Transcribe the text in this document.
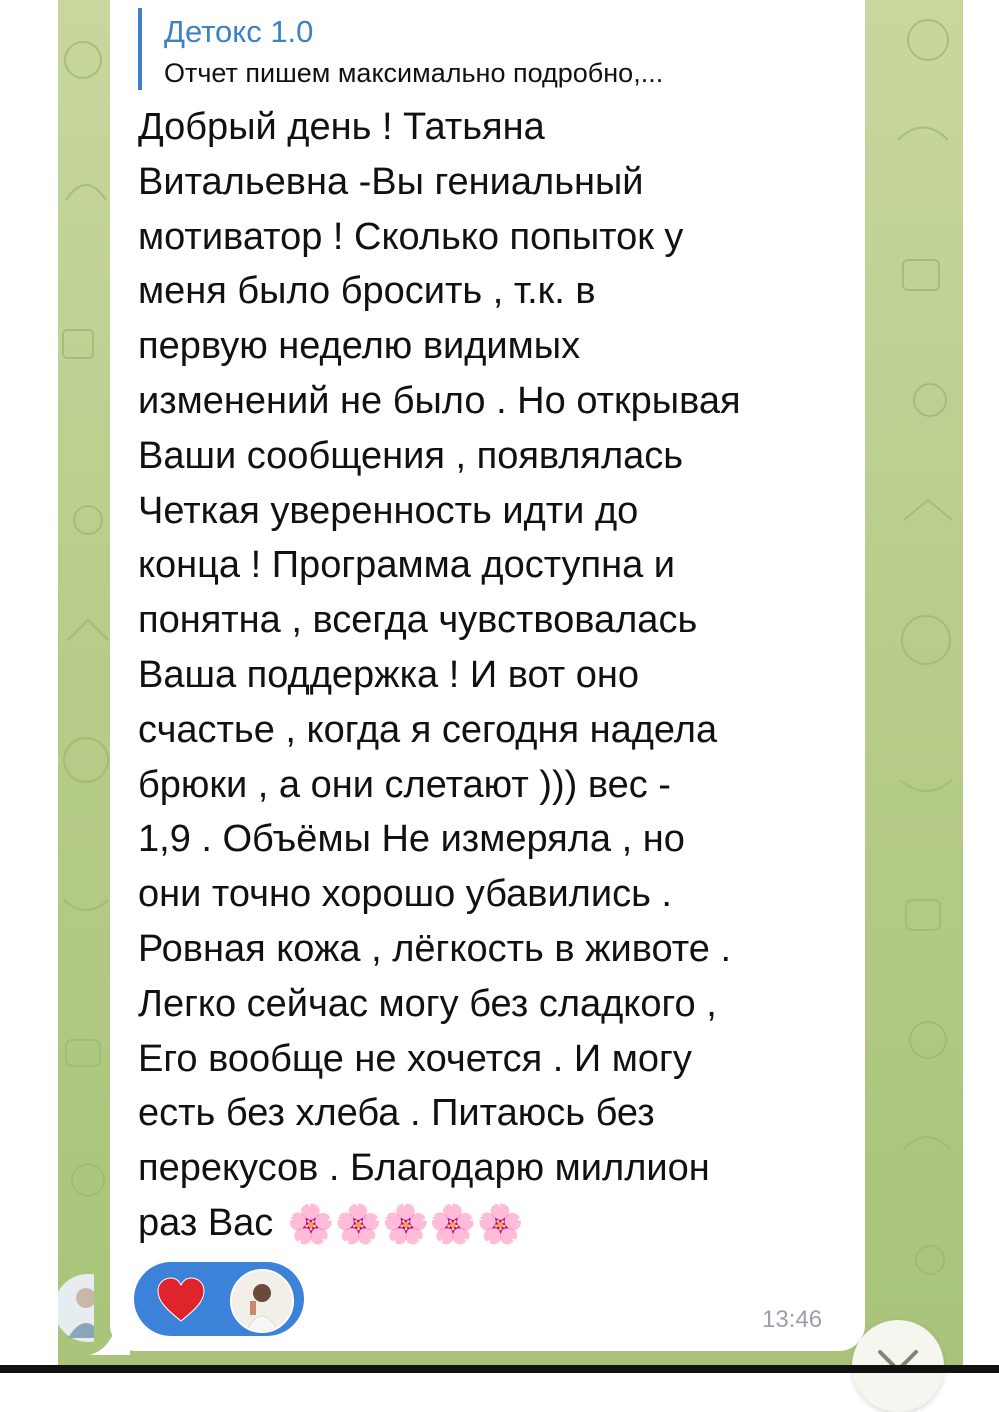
Детокс 1.0
Отчет пишем максимально подробно,...
Добрый день ! Татьяна
Витальевна -Вы гениальный
мотиватор ! Сколько попыток у
меня было бросить , т.к. в
первую неделю видимых
изменений не было . Но открывая
Ваши сообщения , появлялась
Четкая уверенность идти до
конца ! Программа доступна и
понятна , всегда чувствовалась
Ваша поддержка ! И вот оно
счастье , когда я сегодня надела
брюки , а они слетают ))) вес -
1,9 . Объёмы Не измеряла , но
они точно хорошо убавились .
Ровная кожа , лёгкость в животе .
Легко сейчас могу без сладкого ,
Его вообще не хочется . И могу
есть без хлеба . Питаюсь без
перекусов . Благодарю миллион
раз Вас 🌸🌸🌸🌸🌸
13:46
